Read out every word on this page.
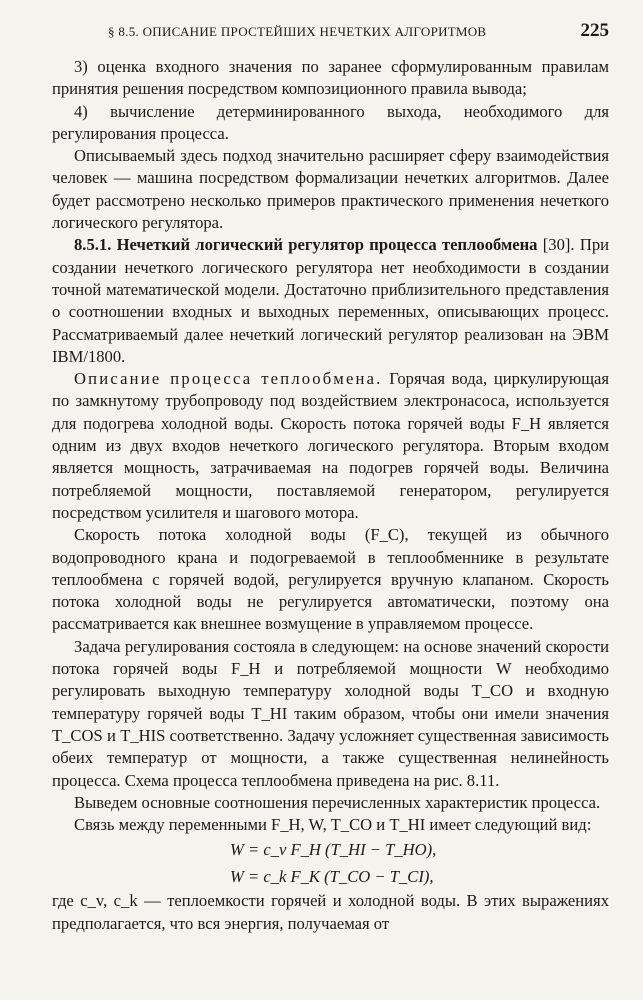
§ 8.5. ОПИСАНИЕ ПРОСТЕЙШИХ НЕЧЕТКИХ АЛГОРИТМОВ	225

3) оценка входного значения по заранее сформулированным правилам принятия решения посредством композиционного правила вывода;

4) вычисление детерминированного выхода, необходимого для регулирования процесса.

Описываемый здесь подход значительно расширяет сферу взаимодействия человек — машина посредством формализации нечетких алгоритмов. Далее будет рассмотрено несколько примеров практического применения нечеткого логического регулятора.

8.5.1. Нечеткий логический регулятор процесса теплообмена [30]. При создании нечеткого логического регулятора нет необходимости в создании точной математической модели. Достаточно приблизительного представления о соотношении входных и выходных переменных, описывающих процесс. Рассматриваемый далее нечеткий логический регулятор реализован на ЭВМ IBM/1800.

Описание процесса теплообмена. Горячая вода, циркулирующая по замкнутому трубопроводу под воздействием электронасоса, используется для подогрева холодной воды. Скорость потока горячей воды F_H является одним из двух входов нечеткого логического регулятора. Вторым входом является мощность, затрачиваемая на подогрев горячей воды. Величина потребляемой мощности, поставляемой генератором, регулируется посредством усилителя и шагового мотора.

Скорость потока холодной воды (F_C), текущей из обычного водопроводного крана и подогреваемой в теплообменнике в результате теплообмена с горячей водой, регулируется вручную клапаном. Скорость потока холодной воды не регулируется автоматически, поэтому она рассматривается как внешнее возмущение в управляемом процессе.

Задача регулирования состояла в следующем: на основе значений скорости потока горячей воды F_H и потребляемой мощности W необходимо регулировать выходную температуру холодной воды T_CO и входную температуру горячей воды T_HI таким образом, чтобы они имели значения T_COS и T_HIS соответственно. Задачу усложняет существенная зависимость обеих температур от мощности, а также существенная нелинейность процесса. Схема процесса теплообмена приведена на рис. 8.11.

Выведем основные соотношения перечисленных характеристик процесса.

Связь между переменными F_H, W, T_CO и T_HI имеет следующий вид:

W = c_v F_H (T_HI − T_HO),

W = c_k F_K (T_CO − T_CI),

где c_v, c_k — теплоемкости горячей и холодной воды. В этих выражениях предполагается, что вся энергия, получаемая от
